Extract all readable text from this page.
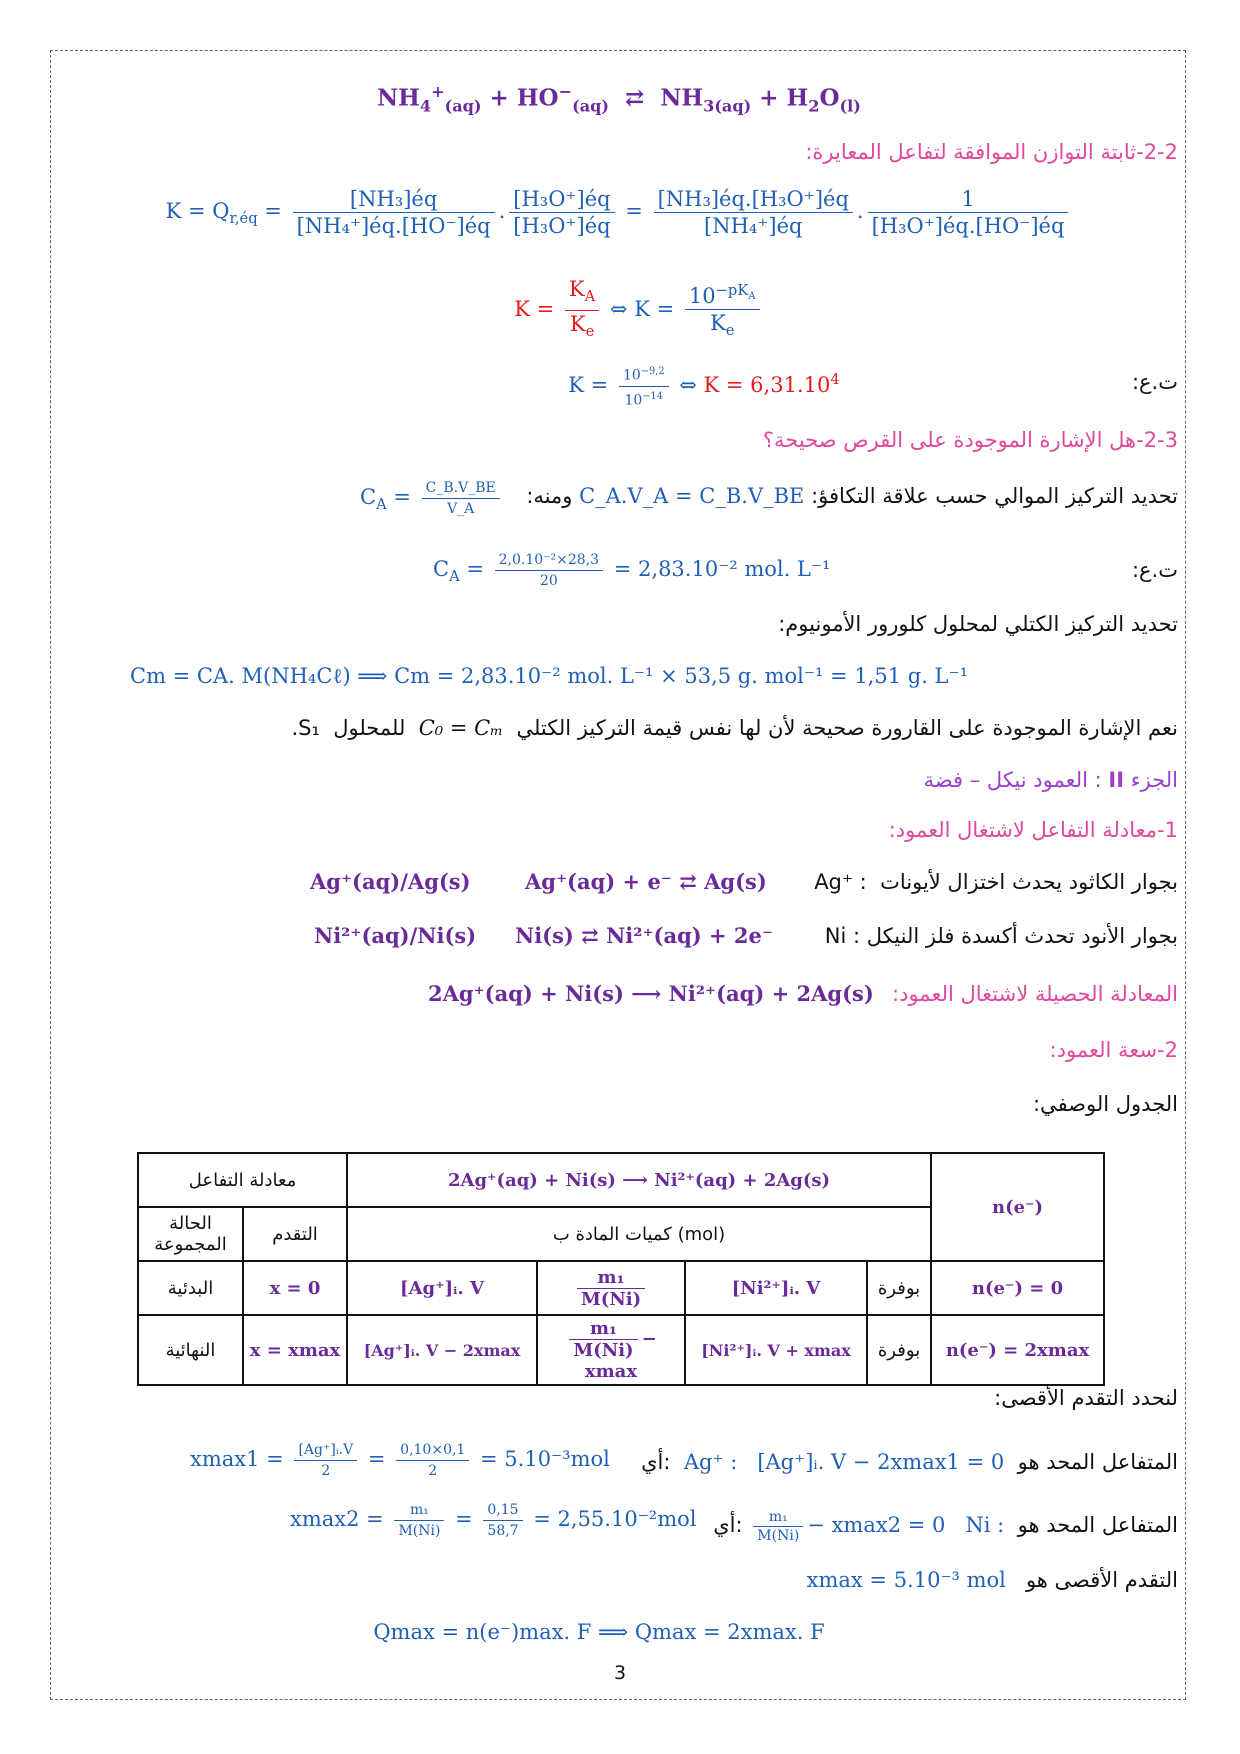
$NH_4^+_{(aq)} + HO^-_{(aq)}$ ⇄ $NH_{3(aq)} + H_2O_{(l)}$
2-2-ثابتة التوازن الموافقة لتفاعل المعايرة:
$K = Q_{r,éq} = \frac{\text{[NH₃]éq}}{\text{[NH₄⁺]éq.[HO⁻]éq}}$ . $\frac{\text{[H₃O⁺]éq}}{\text{[H₃O⁺]éq}} = \frac{\text{[NH₃]éq.[H₃O⁺]éq}}{\text{[NH₄⁺]éq}}$ . $\frac{1}{\text{[H₃O⁺]éq.[HO⁻]éq}}$
$K = \frac{K_A}{K_e}$ ⇔ $K = \frac{10^{-pK_A}}{K_e}$
ت.ع:
$K = \frac{10^{-9,2}}{10^{-14}}$ ⇔ $K = 6,31.10^4$
2-3-هل الإشارة الموجودة على القرص صحيحة؟
تحديد التركيز الموالي حسب علاقة التكافؤ: C_A.V_A = C_B.V_BE ومنه:
$C_A = \frac{C\_B.V\_BE}{V\_A}$
ت.ع:
$C_A = \frac{\text{2,0.10⁻²×28,3}}{20} = 2,83.10^{-2}$ mol. L⁻¹
تحديد التركيز الكتلي لمحلول كلورور الأمونيوم:
Cm = CA. M(NH₄Cℓ) ⟹ Cm = 2,83.10⁻² mol. L⁻¹ × 53,5 g. mol⁻¹ = 1,51 g. L⁻¹
نعم الإشارة الموجودة على القارورة صحيحة لأن لها نفس قيمة التركيز الكتلي  C₀ = Cₘ  للمحلول  S₁.
الجزء II : العمود نيكل – فضة
1-معادلة التفاعل لاشتغال العمود:
بجوار الكاثود يحدث اختزال لأيونات  Ag⁺ :
Ag⁺(aq) + e⁻ ⇄ Ag(s)
Ag⁺(aq)/Ag(s)
بجوار الأنود تحدث أكسدة فلز النيكل Ni :
Ni(s) ⇄ Ni²⁺(aq) + 2e⁻
Ni²⁺(aq)/Ni(s)
المعادلة الحصيلة لاشتغال العمود:
2Ag⁺(aq) + Ni(s) ⟶ Ni²⁺(aq) + 2Ag(s)
2-سعة العمود:
الجدول الوصفي:
معادلة التفاعل		2Ag⁺(aq) + Ni(s) ⟶ Ni²⁺(aq) + 2Ag(s)				n(e⁻)
الحالة المجموعة	التقدم	كميات المادة ب (mol)				
البدئية	x = 0	[Ag⁺]ᵢ. V	$\frac{\text{m₁}}{M(Ni)}$	[Ni²⁺]ᵢ. V	بوفرة	n(e⁻) = 0
النهائية	x = xmax	[Ag⁺]ᵢ. V − 2xmax	$\frac{\text{m₁}}{M(Ni)} - xmax$	[Ni²⁺]ᵢ. V + xmax	بوفرة	n(e⁻) = 2xmax
لنحدد التقدم الأقصى:
المتفاعل المحد هو  Ag⁺ : [Ag⁺]ᵢ. V − 2xmax1 = 0  :أي
$xmax1 = \frac{\text{[Ag⁺]ᵢ.V}}{2} = \frac{0,10\times 0,1}{2} = 5.10^{-3}mol$
المتفاعل المحد هو  Ni :
$\frac{\text{m₁}}{M(Ni)} - xmax2 = 0$ :أي
$xmax2 = \frac{\text{m₁}}{M(Ni)} = \frac{0,15}{58,7} = 2,55.10^{-2}mol$
التقدم الأقصى هو   xmax = 5.10⁻³ mol
Qmax = n(e⁻)max. F ⟹ Qmax = 2xmax. F
3
